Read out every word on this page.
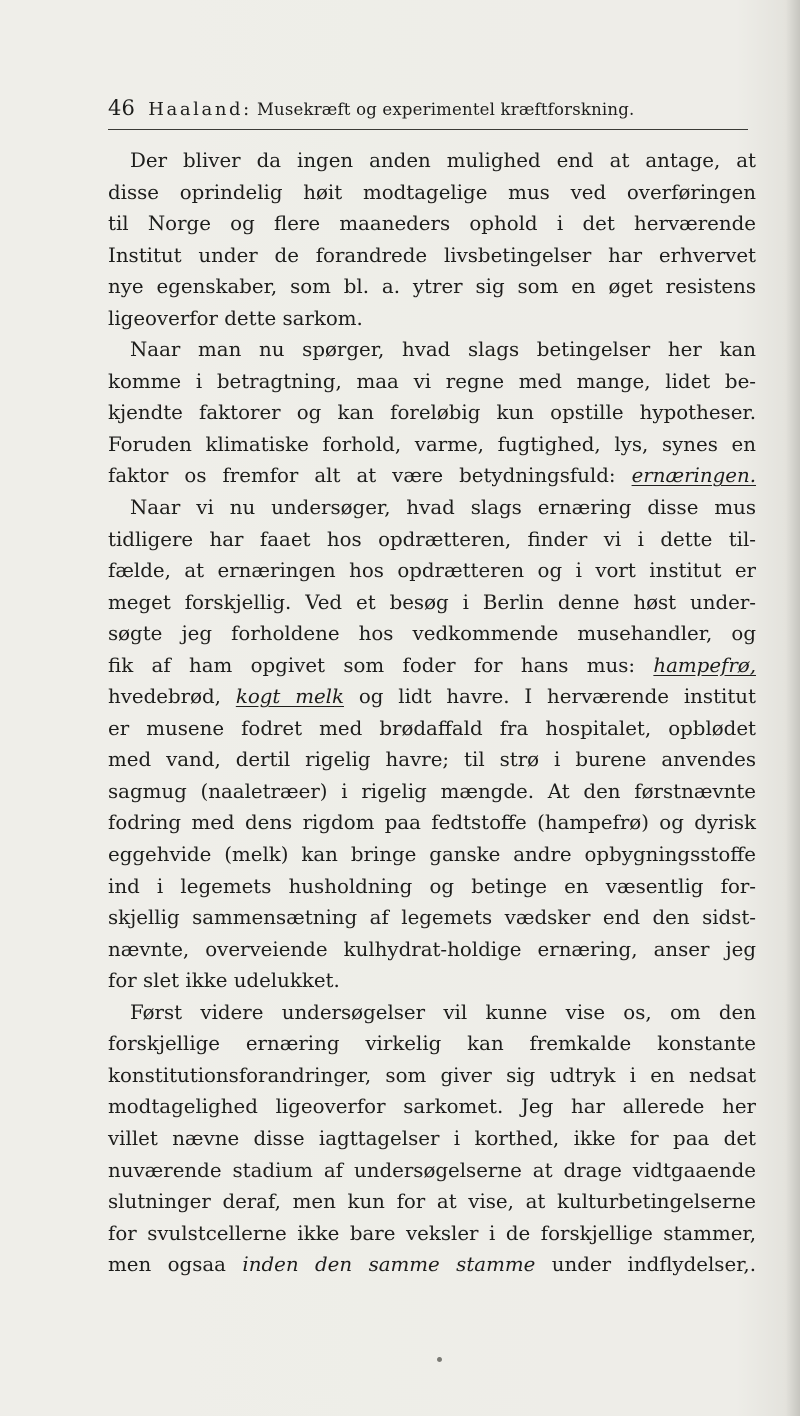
46 Haaland: Musekræft og experimentel kræftforskning.
Der bliver da ingen anden mulighed end at antage, at
disse oprindelig høit modtagelige mus ved overføringen
til Norge og flere maaneders ophold i det herværende
Institut under de forandrede livsbetingelser har erhvervet
nye egenskaber, som bl. a. ytrer sig som en øget resistens
ligeoverfor dette sarkom.
Naar man nu spørger, hvad slags betingelser her kan
komme i betragtning, maa vi regne med mange, lidet be-
kjendte faktorer og kan foreløbig kun opstille hypotheser.
Foruden klimatiske forhold, varme, fugtighed, lys, synes en
faktor os fremfor alt at være betydningsfuld: ernæringen.
Naar vi nu undersøger, hvad slags ernæring disse mus
tidligere har faaet hos opdrætteren, finder vi i dette til-
fælde, at ernæringen hos opdrætteren og i vort institut er
meget forskjellig. Ved et besøg i Berlin denne høst under-
søgte jeg forholdene hos vedkommende musehandler, og
fik af ham opgivet som foder for hans mus: hampefrø,
hvedebrød, kogt melk og lidt havre. I herværende institut
er musene fodret med brødaffald fra hospitalet, opblødet
med vand, dertil rigelig havre; til strø i burene anvendes
sagmug (naaletræer) i rigelig mængde. At den førstnævnte
fodring med dens rigdom paa fedtstoffe (hampefrø) og dyrisk
eggehvide (melk) kan bringe ganske andre opbygningsstoffe
ind i legemets husholdning og betinge en væsentlig for-
skjellig sammensætning af legemets vædsker end den sidst-
nævnte, overveiende kulhydrat-holdige ernæring, anser jeg
for slet ikke udelukket.
Først videre undersøgelser vil kunne vise os, om den
forskjellige ernæring virkelig kan fremkalde konstante
konstitutionsforandringer, som giver sig udtryk i en nedsat
modtagelighed ligeoverfor sarkomet. Jeg har allerede her
villet nævne disse iagttagelser i korthed, ikke for paa det
nuværende stadium af undersøgelserne at drage vidtgaaende
slutninger deraf, men kun for at vise, at kulturbetingelserne
for svulstcellerne ikke bare veksler i de forskjellige stammer,
men ogsaa inden den samme stamme under indflydelser,.
